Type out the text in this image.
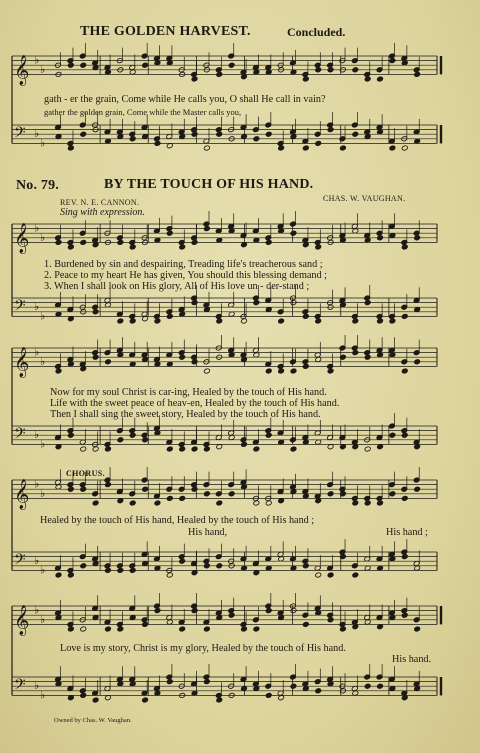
𝄞 ♭
♭
𝄢 ♭
♭
𝄞 ♭
♭
𝄢 ♭
♭
𝄞 ♭
♭
𝄢 ♭
♭
𝄞 ♭
♭
𝄢 ♭
♭
𝄞 ♭
♭
𝄢 ♭
♭
THE GOLDEN HARVEST.	Concluded.
gath - er the grain, Come while He calls you, O shall He call in vain?
gather the golden grain, Come while the Master calls you,
No. 79.	BY THE TOUCH OF HIS HAND.
REV. N. E. CANNON.	CHAS. W. VAUGHAN.
Sing with expression.
1. Burdened by sin and despairing, Treading life's treacherous sand ;
2. Peace to my heart He has given, You should this blessing demand ;
3. When I shall look on His glory, All of His love un - der-stand ;
Now for my soul Christ is car-ing, Healed by the touch of His hand.
Life with the sweet peace of heav-en, Healed by the touch of His hand.
Then I shall sing the sweet story, Healed by the touch of His hand.
CHORUS.
Healed by the touch of His hand, Healed by the touch of His hand ;
His hand,	His hand ;
Love is my story, Christ is my glory, Healed by the touch of His hand.
His hand.
Owned by Chas. W. Vaughan.
